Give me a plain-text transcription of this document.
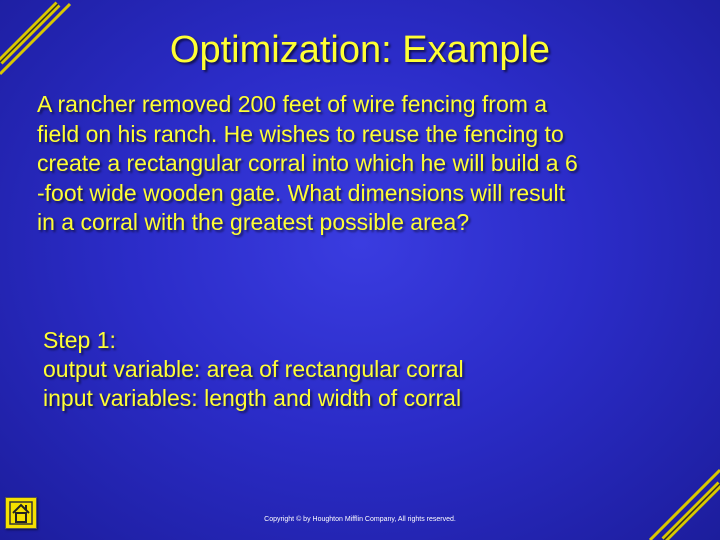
Optimization: Example
A rancher removed 200 feet of wire fencing from a
field on his ranch. He wishes to reuse the fencing to
create a rectangular corral into which he will build a 6
-foot wide wooden gate. What dimensions will result
in a corral with the greatest possible area?
Step 1:
output variable: area of rectangular corral
input variables: length and width of corral
Copyright © by Houghton Mifflin Company, All rights reserved.
